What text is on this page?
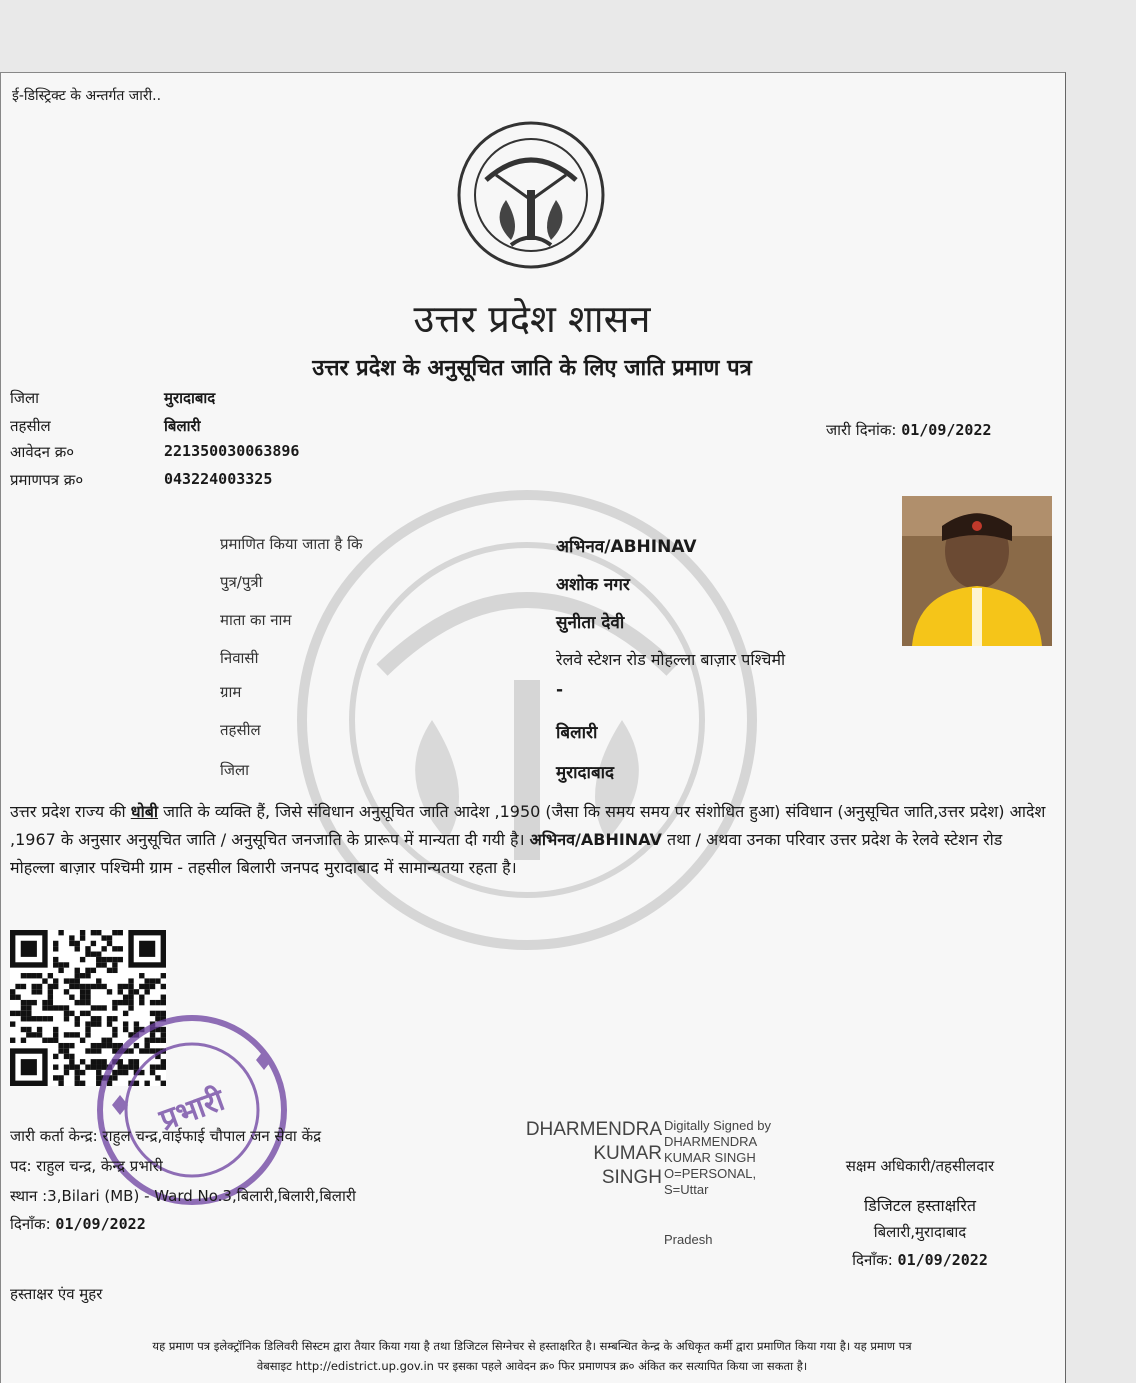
ई-डिस्ट्रिक्ट के अन्तर्गत जारी..
उत्तर प्रदेश शासन
उत्तर प्रदेश के अनुसूचित जाति के लिए जाति प्रमाण पत्र
जिला	मुरादाबाद
तहसील	बिलारी
आवेदन क्र०	221350030063896
प्रमाणपत्र क्र०	043224003325
जारी दिनांक: 01/09/2022
प्रमाणित किया जाता है कि	अभिनव/ABHINAV
पुत्र/पुत्री	अशोक नगर
माता का नाम	सुनीता देवी
निवासी	रेलवे स्टेशन रोड मोहल्ला बाज़ार पश्चिमी
ग्राम	-
तहसील	बिलारी
जिला	मुरादाबाद
उत्तर प्रदेश राज्य की धोबी जाति के व्यक्ति हैं, जिसे संविधान अनुसूचित जाति आदेश ,1950 (जैसा कि समय समय पर संशोधित हुआ) संविधान (अनुसूचित जाति,उत्तर प्रदेश) आदेश ,1967 के अनुसार अनुसूचित जाति / अनुसूचित जनजाति के प्रारूप में मान्यता दी गयी है। अभिनव/ABHINAV तथा / अथवा उनका परिवार उत्तर प्रदेश के रेलवे स्टेशन रोड मोहल्ला बाज़ार पश्चिमी ग्राम - तहसील बिलारी जनपद मुरादाबाद में सामान्यतया रहता है।
प्रभारी
जारी कर्ता केन्द्र: राहुल चन्द्र,वाईफाई चौपाल जन सेवा केंद्र
पद: राहुल चन्द्र, केन्द्र प्रभारी
स्थान :3,Bilari (MB) - Ward No.3,बिलारी,बिलारी,बिलारी
दिनाँक: 01/09/2022
DHARMENDRA
KUMAR
SINGH
Digitally Signed by DHARMENDRA KUMAR SINGH O=PERSONAL, S=Uttar
Pradesh
सक्षम अधिकारी/तहसीलदार
डिजिटल हस्ताक्षरित
बिलारी,मुरादाबाद
दिनाँक: 01/09/2022
हस्ताक्षर एंव मुहर
यह प्रमाण पत्र इलेक्ट्रॉनिक डिलिवरी सिस्टम द्वारा तैयार किया गया है तथा डिजिटल सिग्नेचर से हस्ताक्षरित है। सम्बन्धित केन्द्र के अधिकृत कर्मी द्वारा प्रमाणित किया गया है। यह प्रमाण पत्र
वेबसाइट http://edistrict.up.gov.in पर इसका पहले आवेदन क्र० फिर प्रमाणपत्र क्र० अंकित कर सत्यापित किया जा सकता है।
